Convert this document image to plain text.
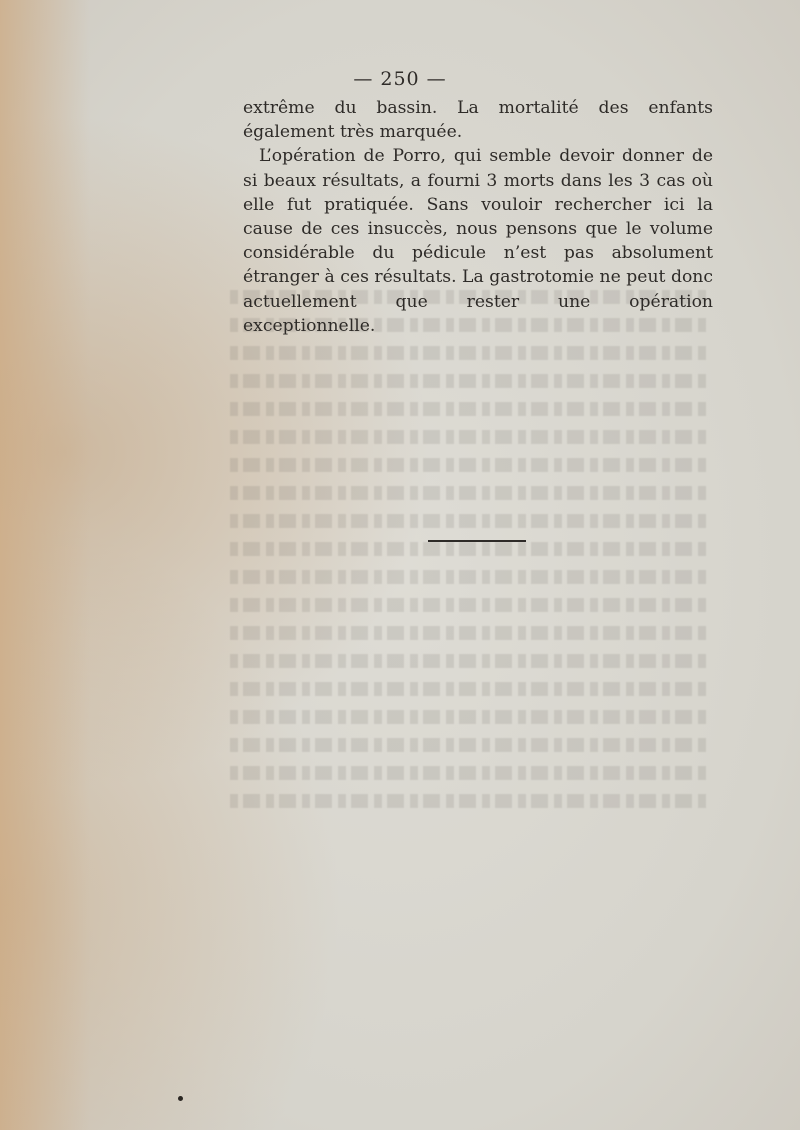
— 250 —

extrême du bassin. La mortalité des enfants également très marquée.

L’opération de Porro, qui semble devoir donner de si beaux résultats, a fourni 3 morts dans les 3 cas où elle fut pratiquée. Sans vouloir rechercher ici la cause de ces insuccès, nous pensons que le volume considérable du pédicule n’est pas absolument étranger à ces résultats. La gastrotomie ne peut donc actuellement que rester une opération exceptionnelle.
